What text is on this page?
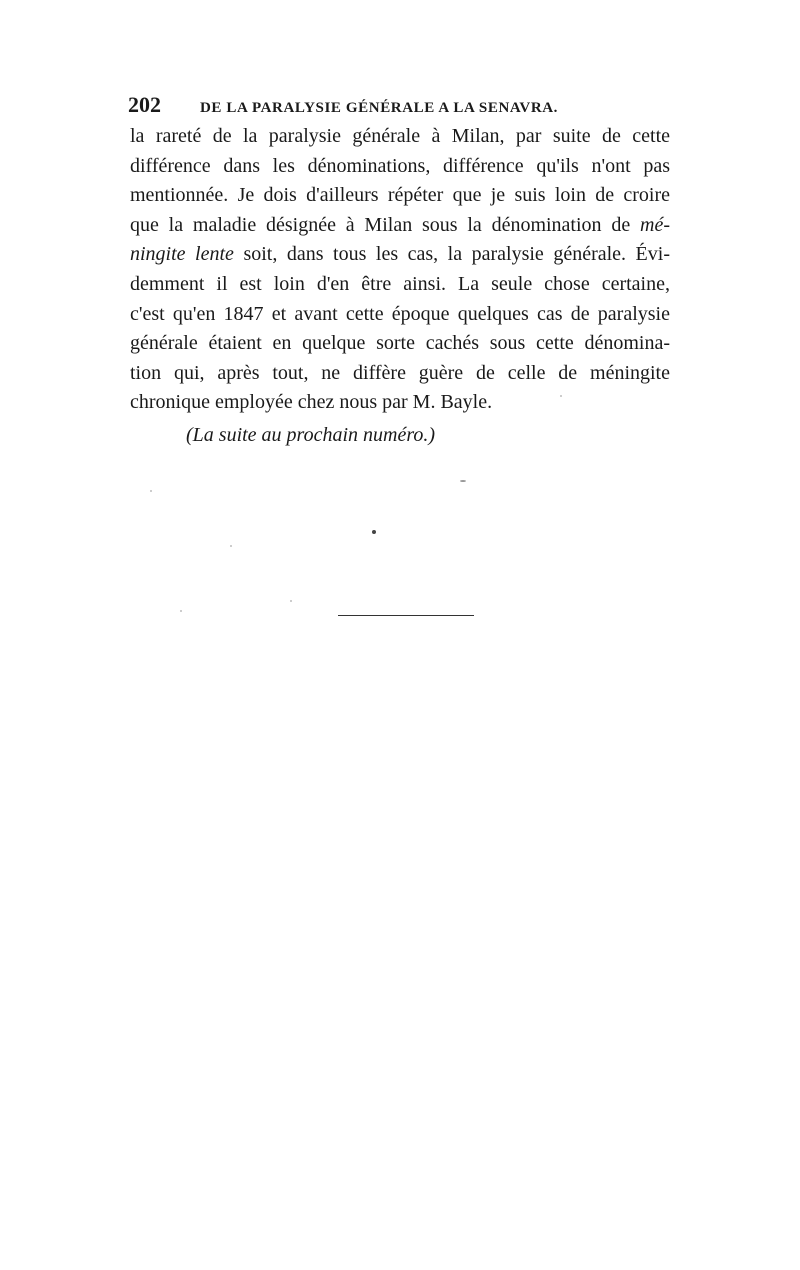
202	DE LA PARALYSIE GÉNÉRALE A LA SENAVRA.
la rareté de la paralysie générale à Milan, par suite de cette
différence dans les dénominations, différence qu'ils n'ont pas
mentionnée. Je dois d'ailleurs répéter que je suis loin de croire
que la maladie désignée à Milan sous la dénomination de mé-
ningite lente soit, dans tous les cas, la paralysie générale. Évi-
demment il est loin d'en être ainsi. La seule chose certaine,
c'est qu'en 1847 et avant cette époque quelques cas de paralysie
générale étaient en quelque sorte cachés sous cette dénomina-
tion qui, après tout, ne diffère guère de celle de méningite
chronique employée chez nous par M. Bayle.
(La suite au prochain numéro.)
